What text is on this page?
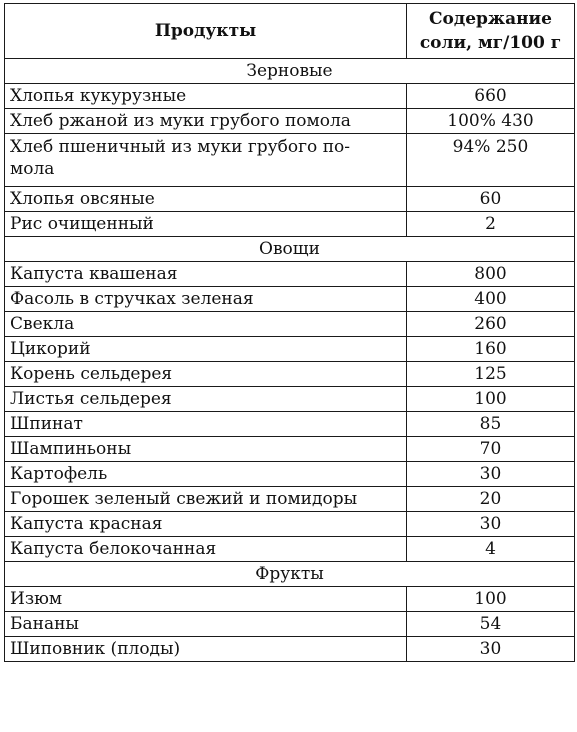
Продукты	Содержание
соли, мг/100 г

Зерновые	
Хлопья кукурузные	660
Хлеб ржаной из муки грубого помола	100% 430

Хлеб пшеничный из муки грубого по-
мола	94% 250
Хлопья овсяные	60
Рис очищенный	2
Овощи	
Капуста квашеная	800
Фасоль в стручках зеленая	400
Свекла	260
Цикорий	160
Корень сельдерея	125
Листья сельдерея	100
Шпинат	85
Шампиньоны	70
Картофель	30
Горошек зеленый свежий и помидоры	20
Капуста красная	30
Капуста белокочанная	4
Фрукты	
Изюм	100
Бананы	54
Шиповник (плоды)	30
